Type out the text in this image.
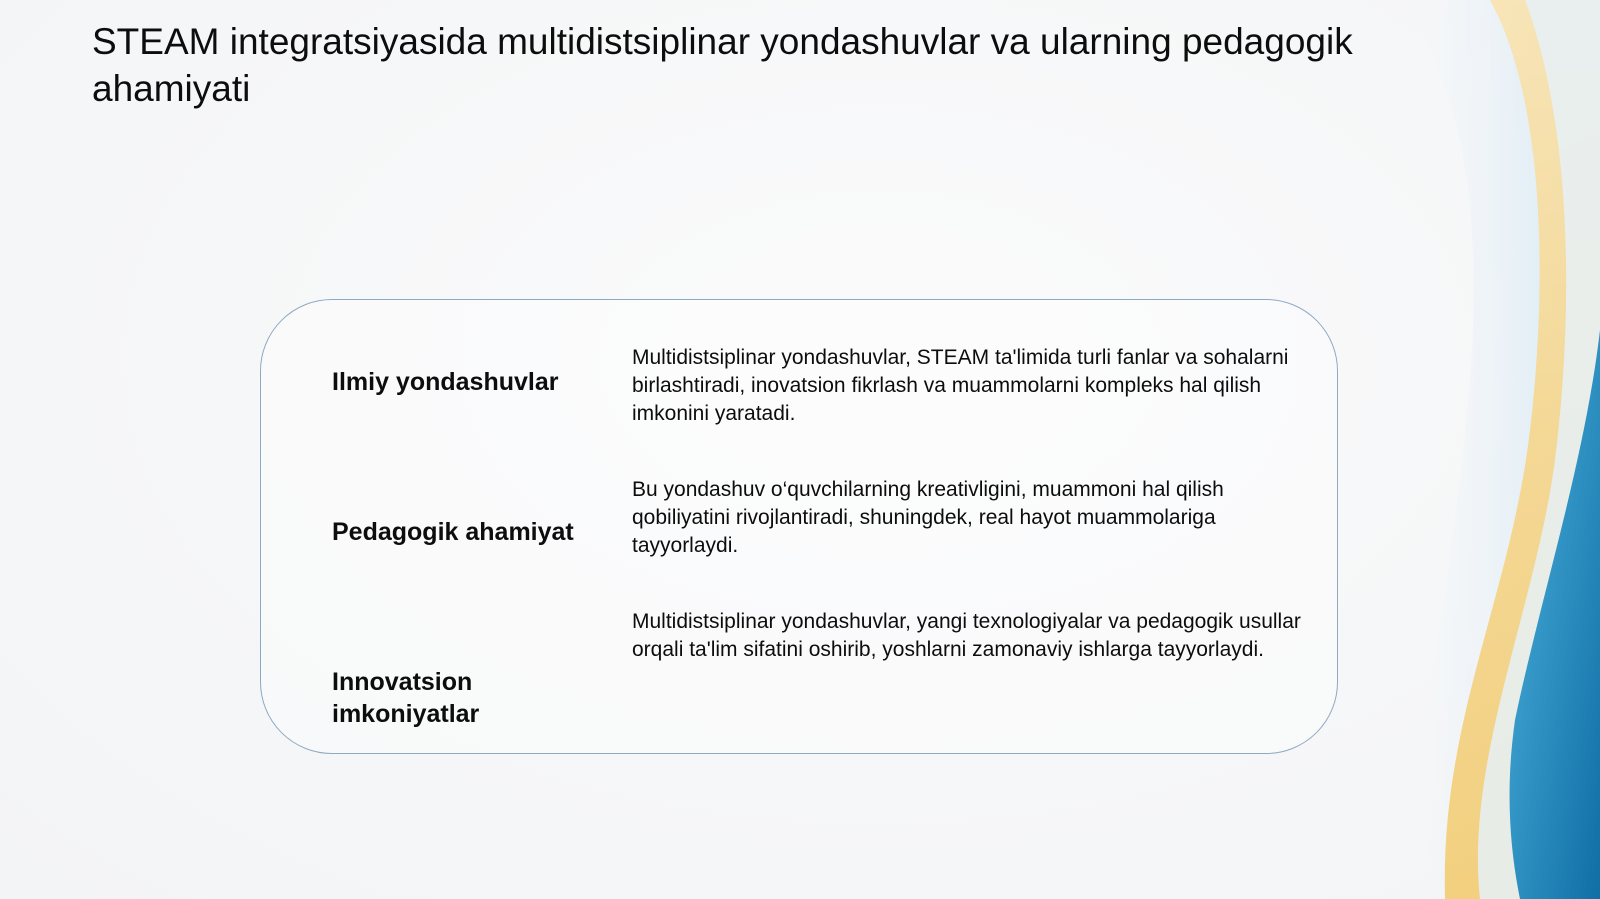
STEAM integratsiyasida multidistsiplinar yondashuvlar va ularning pedagogik ahamiyati

Ilmiy yondashuvlar

Multidistsiplinar yondashuvlar, STEAM ta'limida turli fanlar va sohalarni birlashtiradi, inovatsion fikrlash va muammolarni kompleks hal qilish imkonini yaratadi.

Pedagogik ahamiyat

Bu yondashuv o‘quvchilarning kreativligini, muammoni hal qilish qobiliyatini rivojlantiradi, shuningdek, real hayot muammolariga tayyorlaydi.

Innovatsion imkoniyatlar

Multidistsiplinar yondashuvlar, yangi texnologiyalar va pedagogik usullar orqali ta'lim sifatini oshirib, yoshlarni zamonaviy ishlarga tayyorlaydi.
